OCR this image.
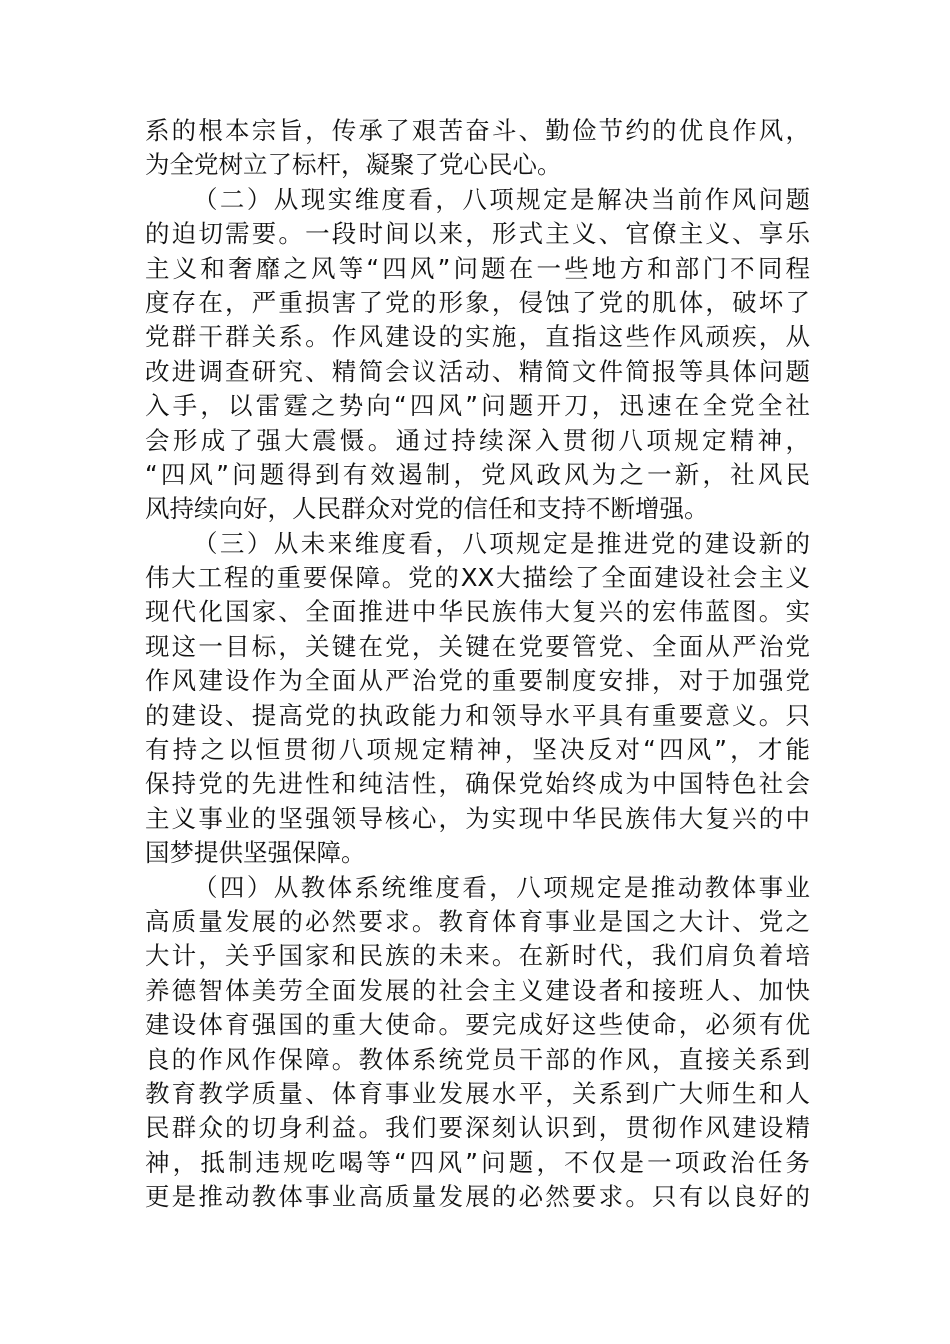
系的根本宗旨，传承了艰苦奋斗、勤俭节约的优良作风，
为全党树立了标杆，凝聚了党心民心。
（二）从现实维度看，八项规定是解决当前作风问题
的迫切需要。一段时间以来，形式主义、官僚主义、享乐
主义和奢靡之风等“四风”问题在一些地方和部门不同程
度存在，严重损害了党的形象，侵蚀了党的肌体，破坏了
党群干群关系。作风建设的实施，直指这些作风顽疾，从
改进调查研究、精简会议活动、精简文件简报等具体问题
入手，以雷霆之势向“四风”问题开刀，迅速在全党全社
会形成了强大震慑。通过持续深入贯彻八项规定精神，
“四风”问题得到有效遏制，党风政风为之一新，社风民
风持续向好，人民群众对党的信任和支持不断增强。
（三）从未来维度看，八项规定是推进党的建设新的
伟大工程的重要保障。党的XX大描绘了全面建设社会主义
现代化国家、全面推进中华民族伟大复兴的宏伟蓝图。实
现这一目标，关键在党，关键在党要管党、全面从严治党
作风建设作为全面从严治党的重要制度安排，对于加强党
的建设、提高党的执政能力和领导水平具有重要意义。只
有持之以恒贯彻八项规定精神，坚决反对“四风”，才能
保持党的先进性和纯洁性，确保党始终成为中国特色社会
主义事业的坚强领导核心，为实现中华民族伟大复兴的中
国梦提供坚强保障。
（四）从教体系统维度看，八项规定是推动教体事业
高质量发展的必然要求。教育体育事业是国之大计、党之
大计，关乎国家和民族的未来。在新时代，我们肩负着培
养德智体美劳全面发展的社会主义建设者和接班人、加快
建设体育强国的重大使命。要完成好这些使命，必须有优
良的作风作保障。教体系统党员干部的作风，直接关系到
教育教学质量、体育事业发展水平，关系到广大师生和人
民群众的切身利益。我们要深刻认识到，贯彻作风建设精
神，抵制违规吃喝等“四风”问题，不仅是一项政治任务
更是推动教体事业高质量发展的必然要求。只有以良好的
